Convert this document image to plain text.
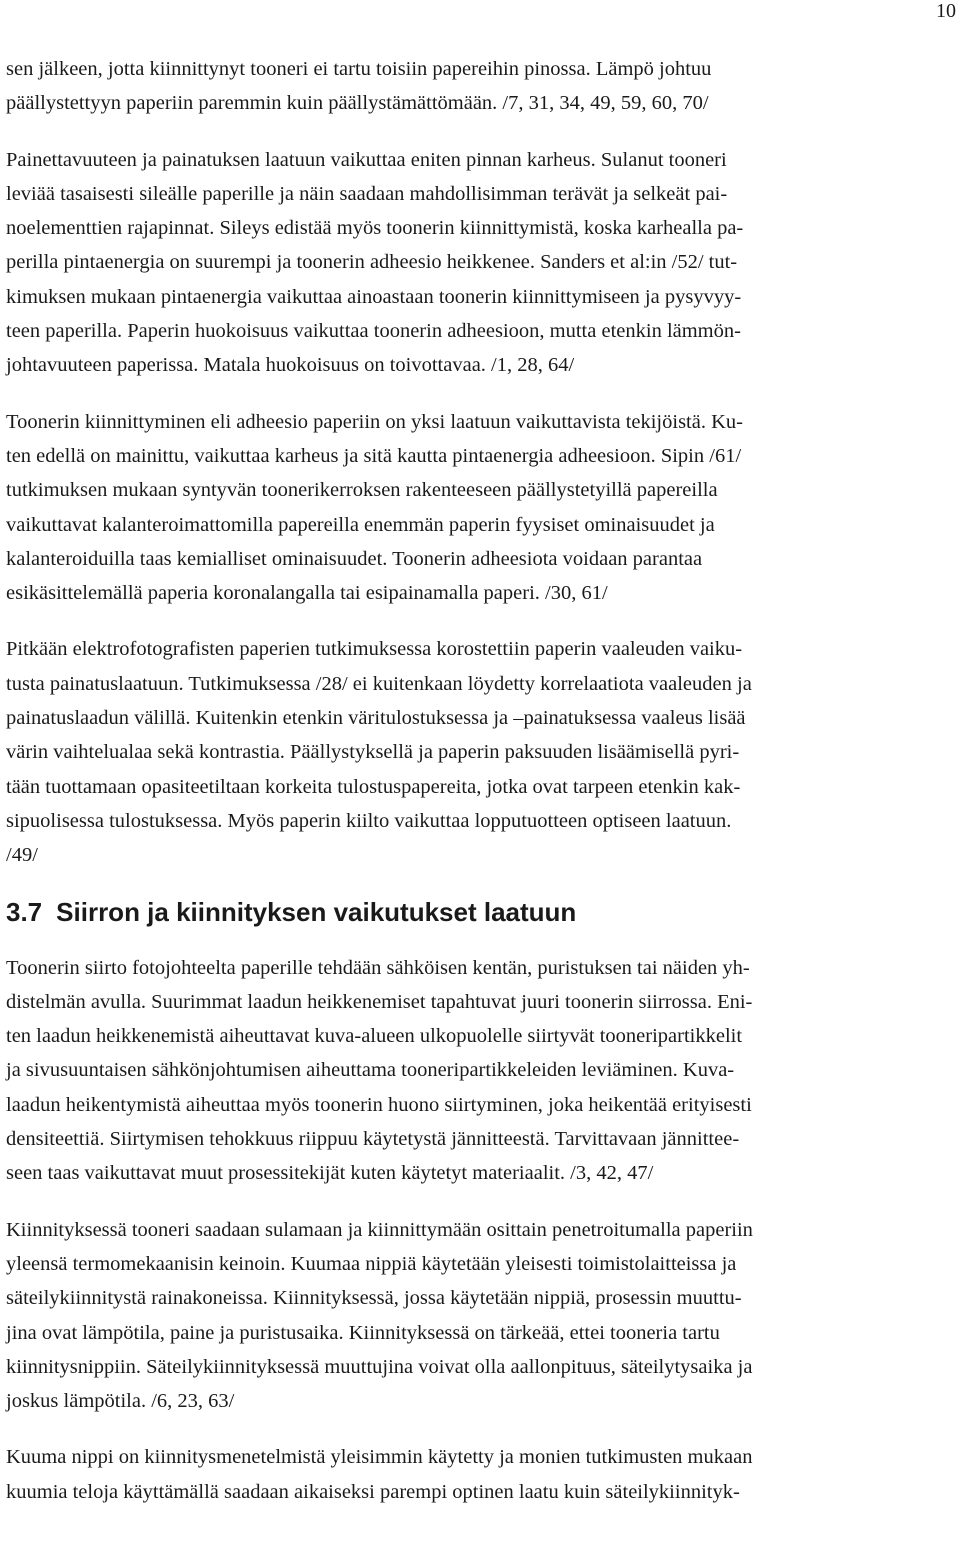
10

sen jälkeen, jotta kiinnittynyt tooneri ei tartu toisiin papereihin pinossa. Lämpö johtuu
päällystettyyn paperiin paremmin kuin päällystämättömään. /7, 31, 34, 49, 59, 60, 70/

Painettavuuteen ja painatuksen laatuun vaikuttaa eniten pinnan karheus. Sulanut tooneri
leviää tasaisesti sileälle paperille ja näin saadaan mahdollisimman terävät ja selkeät pai-
noelementtien rajapinnat. Sileys edistää myös toonerin kiinnittymistä, koska karhealla pa-
perilla pintaenergia on suurempi ja toonerin adheesio heikkenee. Sanders et al:in /52/ tut-
kimuksen mukaan pintaenergia vaikuttaa ainoastaan toonerin kiinnittymiseen ja pysyvyy-
teen paperilla. Paperin huokoisuus vaikuttaa toonerin adheesioon, mutta etenkin lämmön-
johtavuuteen paperissa. Matala huokoisuus on toivottavaa. /1, 28, 64/

Toonerin kiinnittyminen eli adheesio paperiin on yksi laatuun vaikuttavista tekijöistä. Ku-
ten edellä on mainittu, vaikuttaa karheus ja sitä kautta pintaenergia adheesioon. Sipin /61/
tutkimuksen mukaan syntyvän toonerikerroksen rakenteeseen päällystetyillä papereilla
vaikuttavat kalanteroimattomilla papereilla enemmän paperin fyysiset ominaisuudet ja
kalanteroiduilla taas kemialliset ominaisuudet. Toonerin adheesiota voidaan parantaa
esikäsittelemällä paperia koronalangalla tai esipainamalla paperi. /30, 61/

Pitkään elektrofotografisten paperien tutkimuksessa korostettiin paperin vaaleuden vaiku-
tusta painatuslaatuun. Tutkimuksessa /28/ ei kuitenkaan löydetty korrelaatiota vaaleuden ja
painatuslaadun välillä. Kuitenkin etenkin väritulostuksessa ja –painatuksessa vaaleus lisää
värin vaihtelualaa sekä kontrastia. Päällystyksellä ja paperin paksuuden lisäämisellä pyri-
tään tuottamaan opasiteetiltaan korkeita tulostuspapereita, jotka ovat tarpeen etenkin kak-
sipuolisessa tulostuksessa. Myös paperin kiilto vaikuttaa lopputuotteen optiseen laatuun.
/49/

3.7 Siirron ja kiinnityksen vaikutukset laatuun

Toonerin siirto fotojohteelta paperille tehdään sähköisen kentän, puristuksen tai näiden yh-
distelmän avulla. Suurimmat laadun heikkenemiset tapahtuvat juuri toonerin siirrossa. Eni-
ten laadun heikkenemistä aiheuttavat kuva-alueen ulkopuolelle siirtyvät tooneripartikkelit
ja sivusuuntaisen sähkönjohtumisen aiheuttama tooneripartikkeleiden leviäminen. Kuva-
laadun heikentymistä aiheuttaa myös toonerin huono siirtyminen, joka heikentää erityisesti
densiteettiä. Siirtymisen tehokkuus riippuu käytetystä jännitteestä. Tarvittavaan jännittee-
seen taas vaikuttavat muut prosessitekijät kuten käytetyt materiaalit. /3, 42, 47/

Kiinnityksessä tooneri saadaan sulamaan ja kiinnittymään osittain penetroitumalla paperiin
yleensä termomekaanisin keinoin. Kuumaa nippiä käytetään yleisesti toimistolaitteissa ja
säteilykiinnitystä rainakoneissa. Kiinnityksessä, jossa käytetään nippiä, prosessin muuttu-
jina ovat lämpötila, paine ja puristusaika. Kiinnityksessä on tärkeää, ettei tooneria tartu
kiinnitysnippiin. Säteilykiinnityksessä muuttujina voivat olla aallonpituus, säteilytysaika ja
joskus lämpötila. /6, 23, 63/

Kuuma nippi on kiinnitysmenetelmistä yleisimmin käytetty ja monien tutkimusten mukaan
kuumia teloja käyttämällä saadaan aikaiseksi parempi optinen laatu kuin säteilykiinnityk-
